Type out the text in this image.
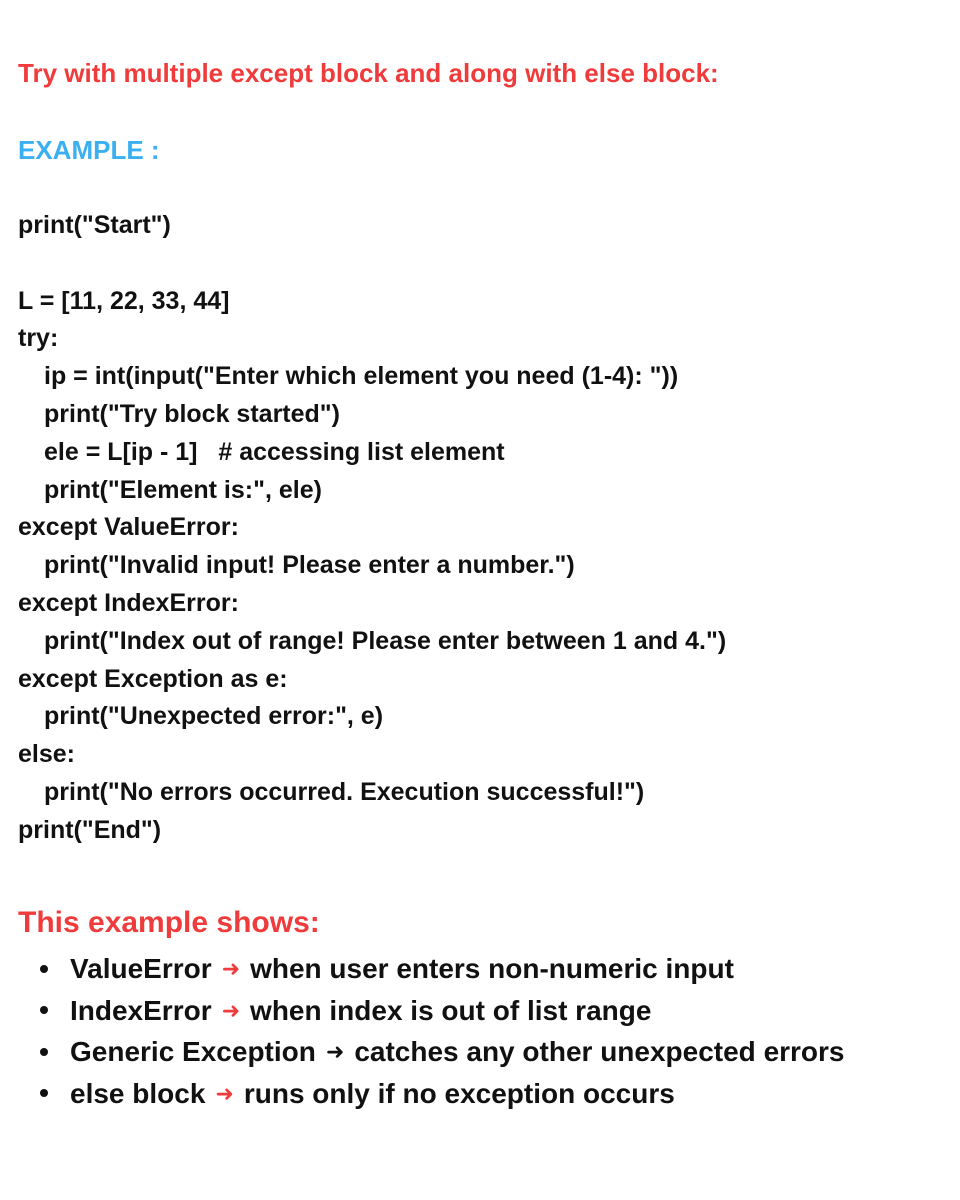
Try with multiple except block and along with else block:
EXAMPLE :
print("Start")
L = [11, 22, 33, 44]
try:
ip = int(input("Enter which element you need (1-4): "))
print("Try block started")
ele = L[ip - 1]   # accessing list element
print("Element is:", ele)
except ValueError:
print("Invalid input! Please enter a number.")
except IndexError:
print("Index out of range! Please enter between 1 and 4.")
except Exception as e:
print("Unexpected error:", e)
else:
print("No errors occurred. Execution successful!")
print("End")
This example shows:
ValueError ➜ when user enters non-numeric input
IndexError ➜ when index is out of list range
Generic Exception ➜ catches any other unexpected errors
else block ➜ runs only if no exception occurs
